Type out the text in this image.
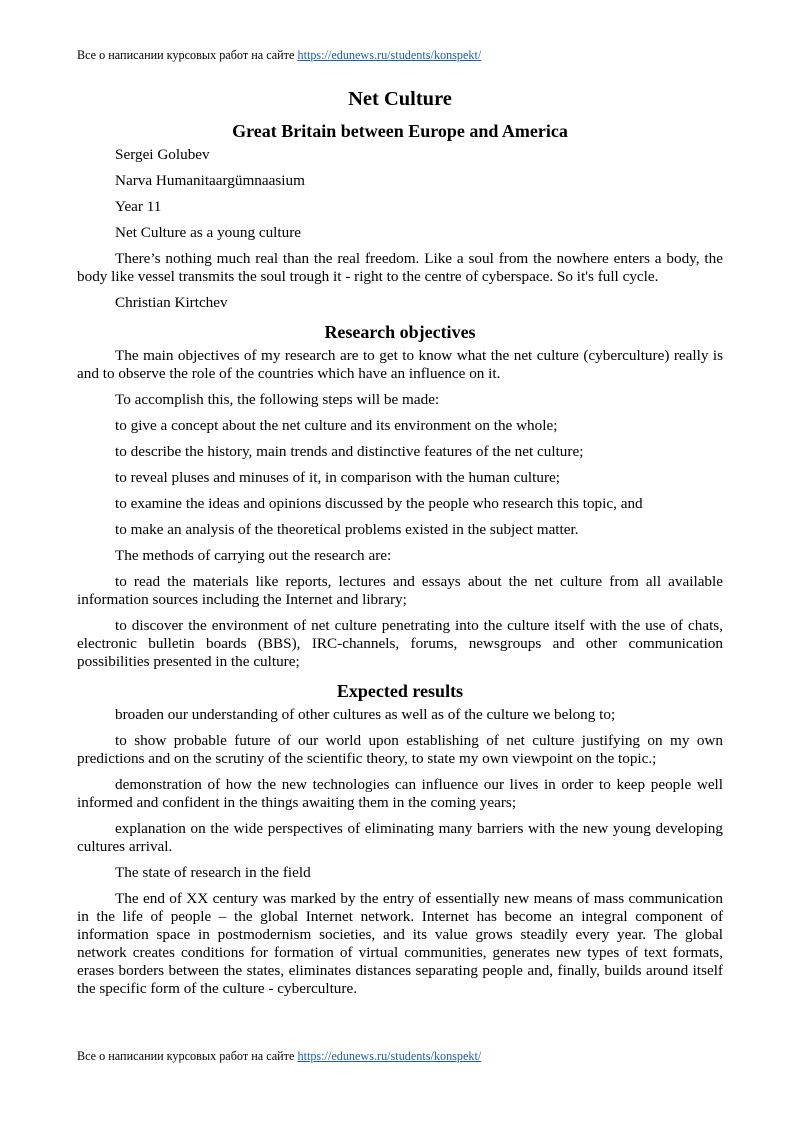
Все о написании курсовых работ на сайте https://edunews.ru/students/konspekt/
Net Culture
Great Britain between Europe and America

Sergei Golubev

Narva Humanitaargümnaasium

Year 11

Net Culture as a young culture

There’s nothing much real than the real freedom. Like a soul from the nowhere enters a body, the body like vessel transmits the soul trough it - right to the centre of cyberspace. So it's full cycle.

Christian Kirtchev

Research objectives

The main objectives of my research are to get to know what the net culture (cyberculture) really is and to observe the role of the countries which have an influence on it.

To accomplish this, the following steps will be made:

to give a concept about the net culture and its environment on the whole;

to describe the history, main trends and distinctive features of the net culture;

to reveal pluses and minuses of it, in comparison with the human culture;

to examine the ideas and opinions discussed by the people who research this topic, and

to make an analysis of the theoretical problems existed in the subject matter.

The methods of carrying out the research are:

to read the materials like reports, lectures and essays about the net culture from all available information sources including the Internet and library;

to discover the environment of net culture penetrating into the culture itself with the use of chats, electronic bulletin boards (BBS), IRC-channels, forums, newsgroups and other communication possibilities presented in the culture;

Expected results

broaden our understanding of other cultures as well as of the culture we belong to;

to show probable future of our world upon establishing of net culture justifying on my own predictions and on the scrutiny of the scientific theory, to state my own viewpoint on the topic.;

demonstration of how the new technologies can influence our lives in order to keep people well informed and confident in the things awaiting them in the coming years;

explanation on the wide perspectives of eliminating many barriers with the new young developing cultures arrival.

The state of research in the field

The end of XX century was marked by the entry of essentially new means of mass communication in the life of people – the global Internet network. Internet has become an integral component of information space in postmodernism societies, and its value grows steadily every year. The global network creates conditions for formation of virtual communities, generates new types of text formats, erases borders between the states, eliminates distances separating people and, finally, builds around itself the specific form of the culture - cyberculture.

Все о написании курсовых работ на сайте https://edunews.ru/students/konspekt/
